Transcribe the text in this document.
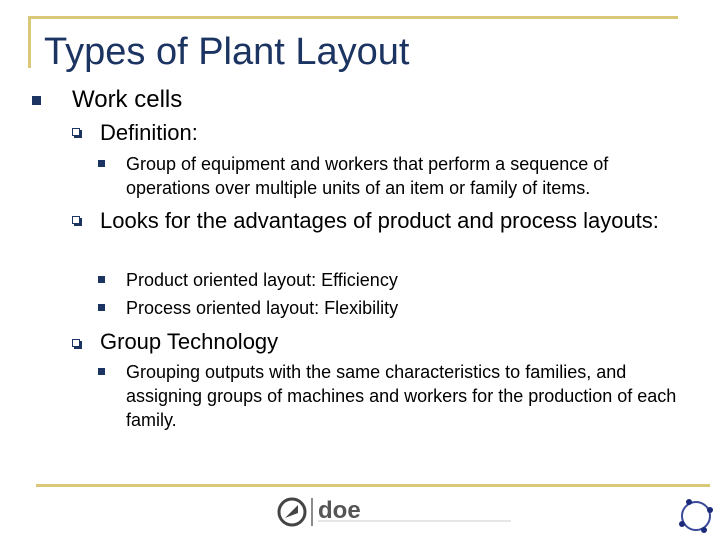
Types of Plant Layout
Work cells
Definition:
Group of equipment and workers that perform a sequence of operations over multiple units of an item or family of items.
Looks for the advantages of product and process layouts:
Product oriented layout: Efficiency
Process oriented layout: Flexibility
Group Technology
Grouping outputs with the same characteristics to families, and assigning groups of machines and workers for the production of each family.
doe
